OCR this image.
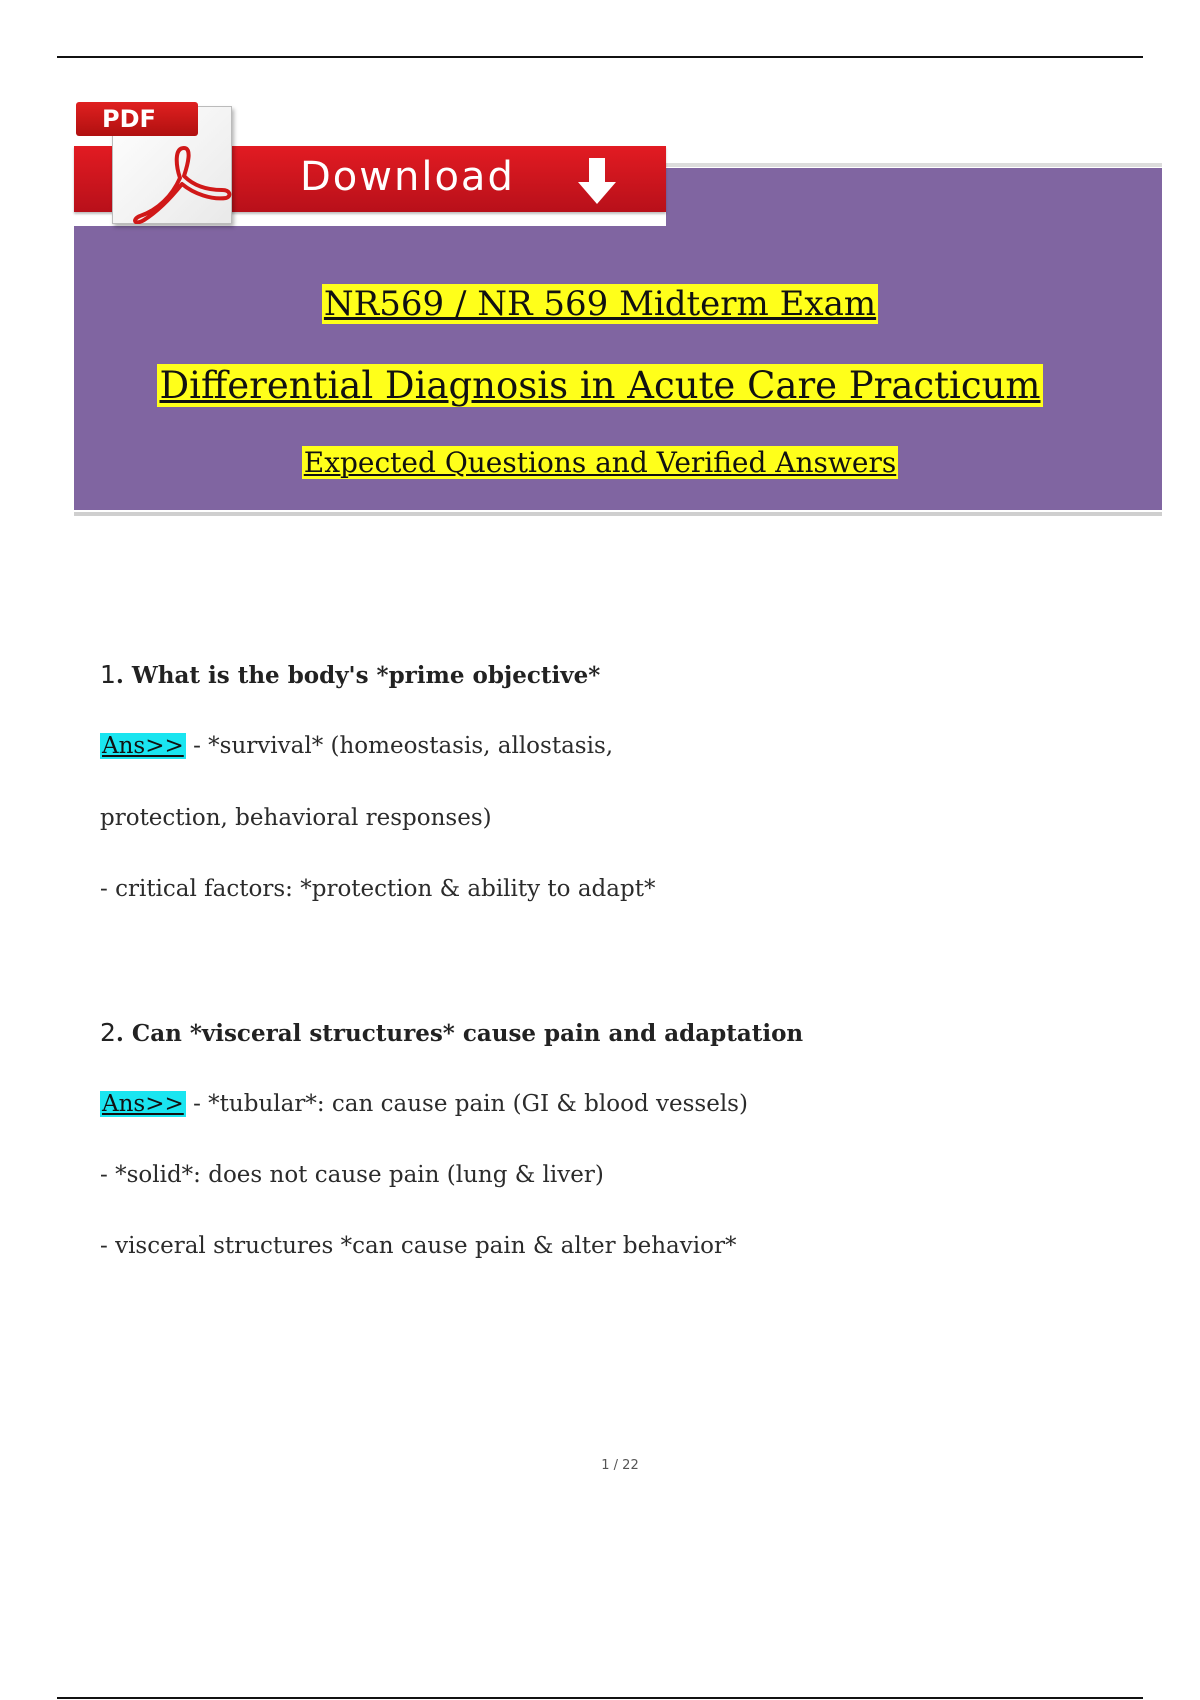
Download
PDF
NR569 / NR 569 Midterm Exam
Differential Diagnosis in Acute Care Practicum
Expected Questions and Verified Answers
1. What is the body's *prime objective*
Ans>> - *survival* (homeostasis, allostasis,
protection, behavioral responses)
- critical factors: *protection & ability to adapt*
2. Can *visceral structures* cause pain and adaptation
Ans>> - *tubular*: can cause pain (GI & blood vessels)
- *solid*: does not cause pain (lung & liver)
- visceral structures *can cause pain & alter behavior*
1 / 22
